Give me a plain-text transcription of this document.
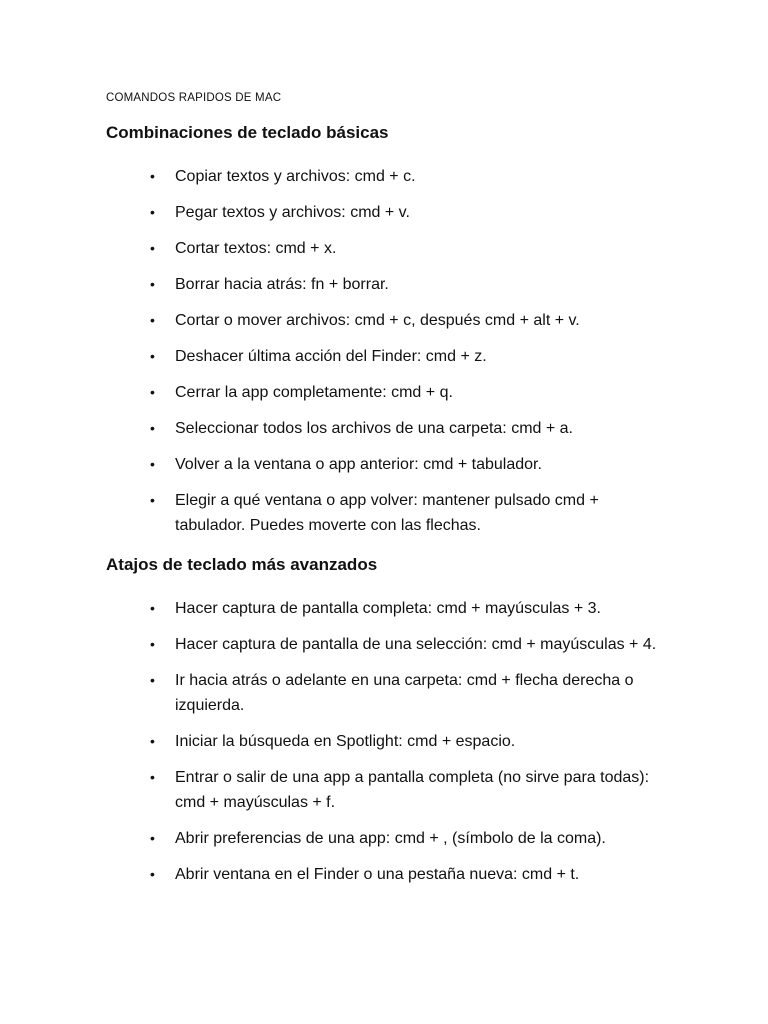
COMANDOS RAPIDOS DE MAC
Combinaciones de teclado básicas
• Copiar textos y archivos: cmd + c.
• Pegar textos y archivos: cmd + v.
• Cortar textos: cmd + x.
• Borrar hacia atrás: fn + borrar.
• Cortar o mover archivos: cmd + c, después cmd + alt + v.
• Deshacer última acción del Finder: cmd + z.
• Cerrar la app completamente: cmd + q.
• Seleccionar todos los archivos de una carpeta: cmd + a.
• Volver a la ventana o app anterior: cmd + tabulador.
• Elegir a qué ventana o app volver: mantener pulsado cmd + tabulador. Puedes moverte con las flechas.
Atajos de teclado más avanzados
• Hacer captura de pantalla completa: cmd + mayúsculas + 3.
• Hacer captura de pantalla de una selección: cmd + mayúsculas + 4.
• Ir hacia atrás o adelante en una carpeta: cmd + flecha derecha o izquierda.
• Iniciar la búsqueda en Spotlight: cmd + espacio.
• Entrar o salir de una app a pantalla completa (no sirve para todas): cmd + mayúsculas + f.
• Abrir preferencias de una app: cmd + , (símbolo de la coma).
• Abrir ventana en el Finder o una pestaña nueva: cmd + t.
